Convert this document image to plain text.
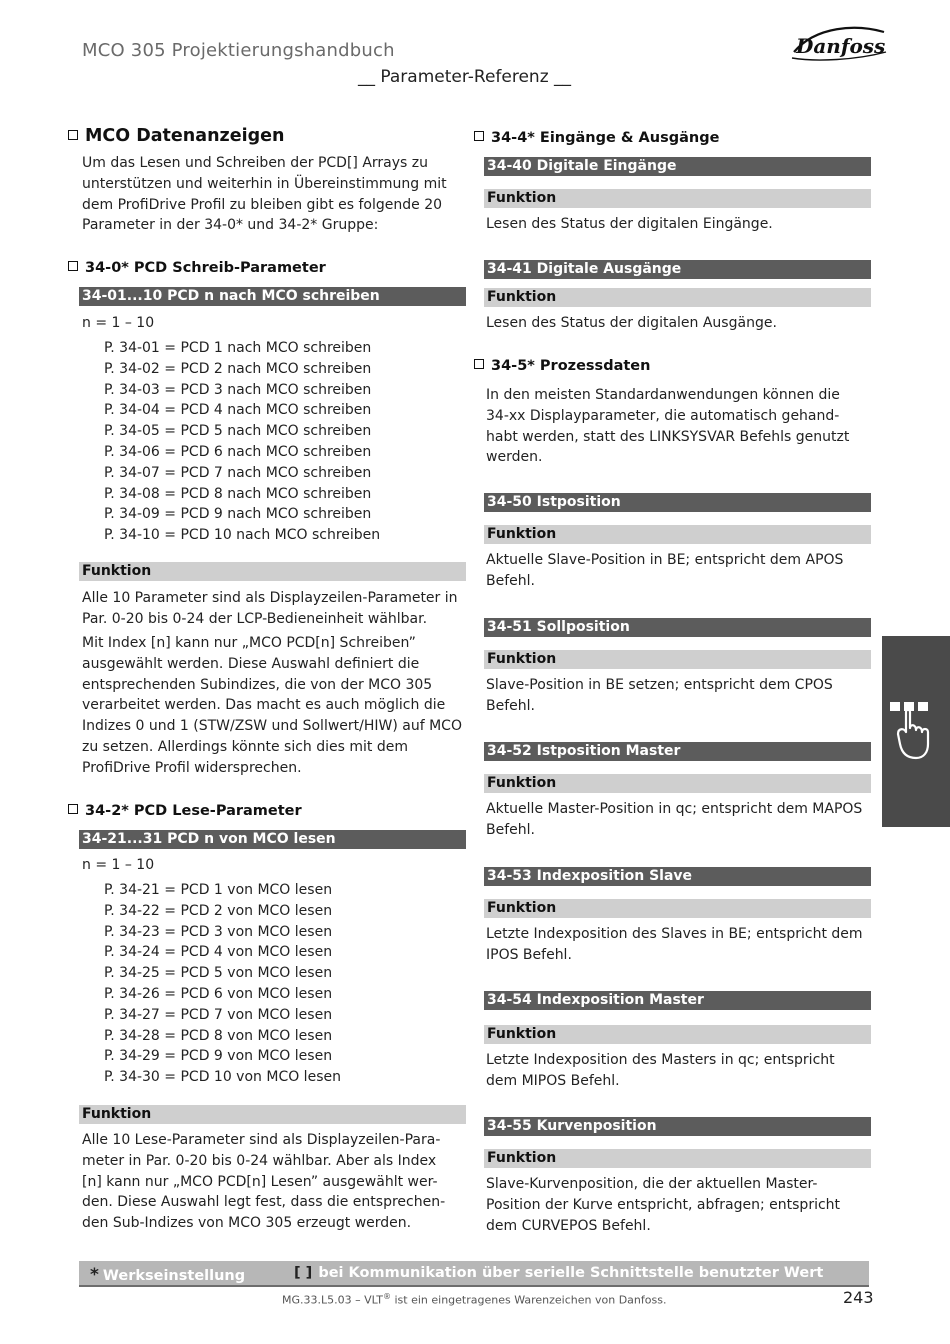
MCO 305 Projektierungshandbuch
__ Parameter-Referenz __
Danfoss
MCO Datenanzeigen
Um das Lesen und Schreiben der PCD[] Arrays zu unterstützen und weiterhin in Übereinstimmung mit dem ProfiDrive Profil zu bleiben gibt es folgende 20 Parameter in der 34-0* und 34-2* Gruppe:
34-0* PCD Schreib-Parameter
34-01...10 PCD n nach MCO schreiben
n = 1 – 10
P. 34-01 = PCD 1 nach MCO schreiben
P. 34-02 = PCD 2 nach MCO schreiben
P. 34-03 = PCD 3 nach MCO schreiben
P. 34-04 = PCD 4 nach MCO schreiben
P. 34-05 = PCD 5 nach MCO schreiben
P. 34-06 = PCD 6 nach MCO schreiben
P. 34-07 = PCD 7 nach MCO schreiben
P. 34-08 = PCD 8 nach MCO schreiben
P. 34-09 = PCD 9 nach MCO schreiben
P. 34-10 = PCD 10 nach MCO schreiben
Funktion
Alle 10 Parameter sind als Displayzeilen-Parameter in Par. 0-20 bis 0-24 der LCP-Bedieneinheit wählbar.
Mit Index [n] kann nur „MCO PCD[n] Schreiben” ausgewählt werden. Diese Auswahl definiert die entsprechenden Subindizes, die von der MCO 305 verarbeitet werden. Das macht es auch möglich die Indizes 0 und 1 (STW/ZSW und Sollwert/HIW) auf MCO zu setzen. Allerdings könnte sich dies mit dem ProfiDrive Profil widersprechen.
34-2* PCD Lese-Parameter
34-21...31 PCD n von MCO lesen
n = 1 – 10
P. 34-21 = PCD 1 von MCO lesen
P. 34-22 = PCD 2 von MCO lesen
P. 34-23 = PCD 3 von MCO lesen
P. 34-24 = PCD 4 von MCO lesen
P. 34-25 = PCD 5 von MCO lesen
P. 34-26 = PCD 6 von MCO lesen
P. 34-27 = PCD 7 von MCO lesen
P. 34-28 = PCD 8 von MCO lesen
P. 34-29 = PCD 9 von MCO lesen
P. 34-30 = PCD 10 von MCO lesen
Funktion
Alle 10 Lese-Parameter sind als Displayzeilen-Para-
meter in Par. 0-20 bis 0-24 wählbar. Aber als Index
[n] kann nur „MCO PCD[n] Lesen” ausgewählt wer-
den. Diese Auswahl legt fest, dass die entsprechen-
den Sub-Indizes von MCO 305 erzeugt werden.
34-4* Eingänge & Ausgänge
34-40 Digitale Eingänge
Funktion
Lesen des Status der digitalen Eingänge.
34-41 Digitale Ausgänge
Funktion
Lesen des Status der digitalen Ausgänge.
34-5* Prozessdaten
In den meisten Standardanwendungen können die
34-xx Displayparameter, die automatisch gehand-
habt werden, statt des LINKSYSVAR Befehls genutzt
werden.
34-50 Istposition
Funktion
Aktuelle Slave-Position in BE; entspricht dem APOS Befehl.
34-51 Sollposition
Funktion
Slave-Position in BE setzen; entspricht dem CPOS Befehl.
34-52 Istposition Master
Funktion
Aktuelle Master-Position in qc; entspricht dem MAPOS Befehl.
34-53 Indexposition Slave
Funktion
Letzte Indexposition des Slaves in BE; entspricht dem IPOS Befehl.
34-54 Indexposition Master
Funktion
Letzte Indexposition des Masters in qc; entspricht dem MIPOS Befehl.
34-55 Kurvenposition
Funktion
Slave-Kurvenposition, die der aktuellen Master-Position der Kurve entspricht, abfragen; entspricht dem CURVEPOS Befehl.
* Werkseinstellung	[ ] bei Kommunikation über serielle Schnittstelle benutzter Wert
MG.33.L5.03 – VLT® ist ein eingetragenes Warenzeichen von Danfoss.	243
